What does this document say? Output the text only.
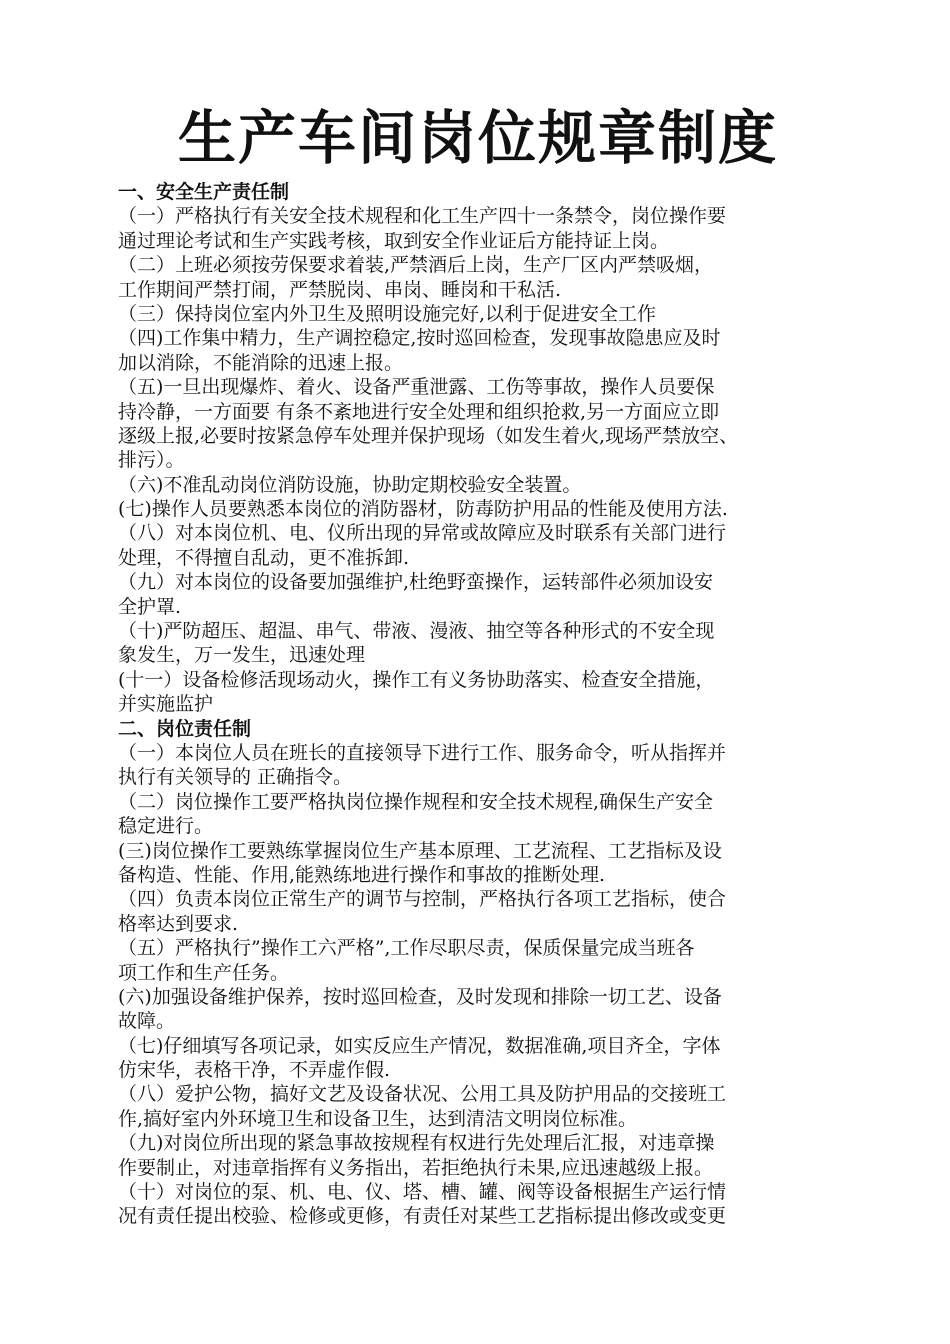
生产车间岗位规章制度
一、安全生产责任制
（一）严格执行有关安全技术规程和化工生产四十一条禁令，岗位操作要
通过理论考试和生产实践考核，取到安全作业证后方能持证上岗。
（二）上班必须按劳保要求着装,严禁酒后上岗，生产厂区内严禁吸烟，
工作期间严禁打闹，严禁脱岗、串岗、睡岗和干私活.
（三）保持岗位室内外卫生及照明设施完好,以利于促进安全工作
（四)工作集中精力，生产调控稳定,按时巡回检查，发现事故隐患应及时
加以消除，不能消除的迅速上报。
（五)一旦出现爆炸、着火、设备严重泄露、工伤等事故，操作人员要保
持冷静，一方面要 有条不紊地进行安全处理和组织抢救,另一方面应立即
逐级上报,必要时按紧急停车处理并保护现场（如发生着火,现场严禁放空、
排污）。
（六)不准乱动岗位消防设施，协助定期校验安全装置。
(七)操作人员要熟悉本岗位的消防器材，防毒防护用品的性能及使用方法.
（八）对本岗位机、电、仪所出现的异常或故障应及时联系有关部门进行
处理，不得擅自乱动，更不准拆卸.
（九）对本岗位的设备要加强维护,杜绝野蛮操作，运转部件必须加设安
全护罩.
（十)严防超压、超温、串气、带液、漫液、抽空等各种形式的不安全现
象发生，万一发生，迅速处理
(十一）设备检修活现场动火，操作工有义务协助落实、检查安全措施，
并实施监护
二、岗位责任制
（一）本岗位人员在班长的直接领导下进行工作、服务命令，听从指挥并
执行有关领导的 正确指令。
（二）岗位操作工要严格执岗位操作规程和安全技术规程,确保生产安全
稳定进行。
(三)岗位操作工要熟练掌握岗位生产基本原理、工艺流程、工艺指标及设
备构造、性能、作用,能熟练地进行操作和事故的推断处理.
（四）负责本岗位正常生产的调节与控制，严格执行各项工艺指标，使合
格率达到要求.
（五）严格执行”操作工六严格”,工作尽职尽责，保质保量完成当班各
项工作和生产任务。
(六)加强设备维护保养，按时巡回检查，及时发现和排除一切工艺、设备
故障。
（七)仔细填写各项记录，如实反应生产情况，数据准确,项目齐全，字体
仿宋华，表格干净，不弄虚作假.
（八）爱护公物，搞好文艺及设备状况、公用工具及防护用品的交接班工
作,搞好室内外环境卫生和设备卫生，达到清洁文明岗位标准。
（九)对岗位所出现的紧急事故按规程有权进行先处理后汇报，对违章操
作要制止，对违章指挥有义务指出，若拒绝执行未果,应迅速越级上报。
（十）对岗位的泵、机、电、仪、塔、槽、罐、阀等设备根据生产运行情
况有责任提出校验、检修或更修，有责任对某些工艺指标提出修改或变更
